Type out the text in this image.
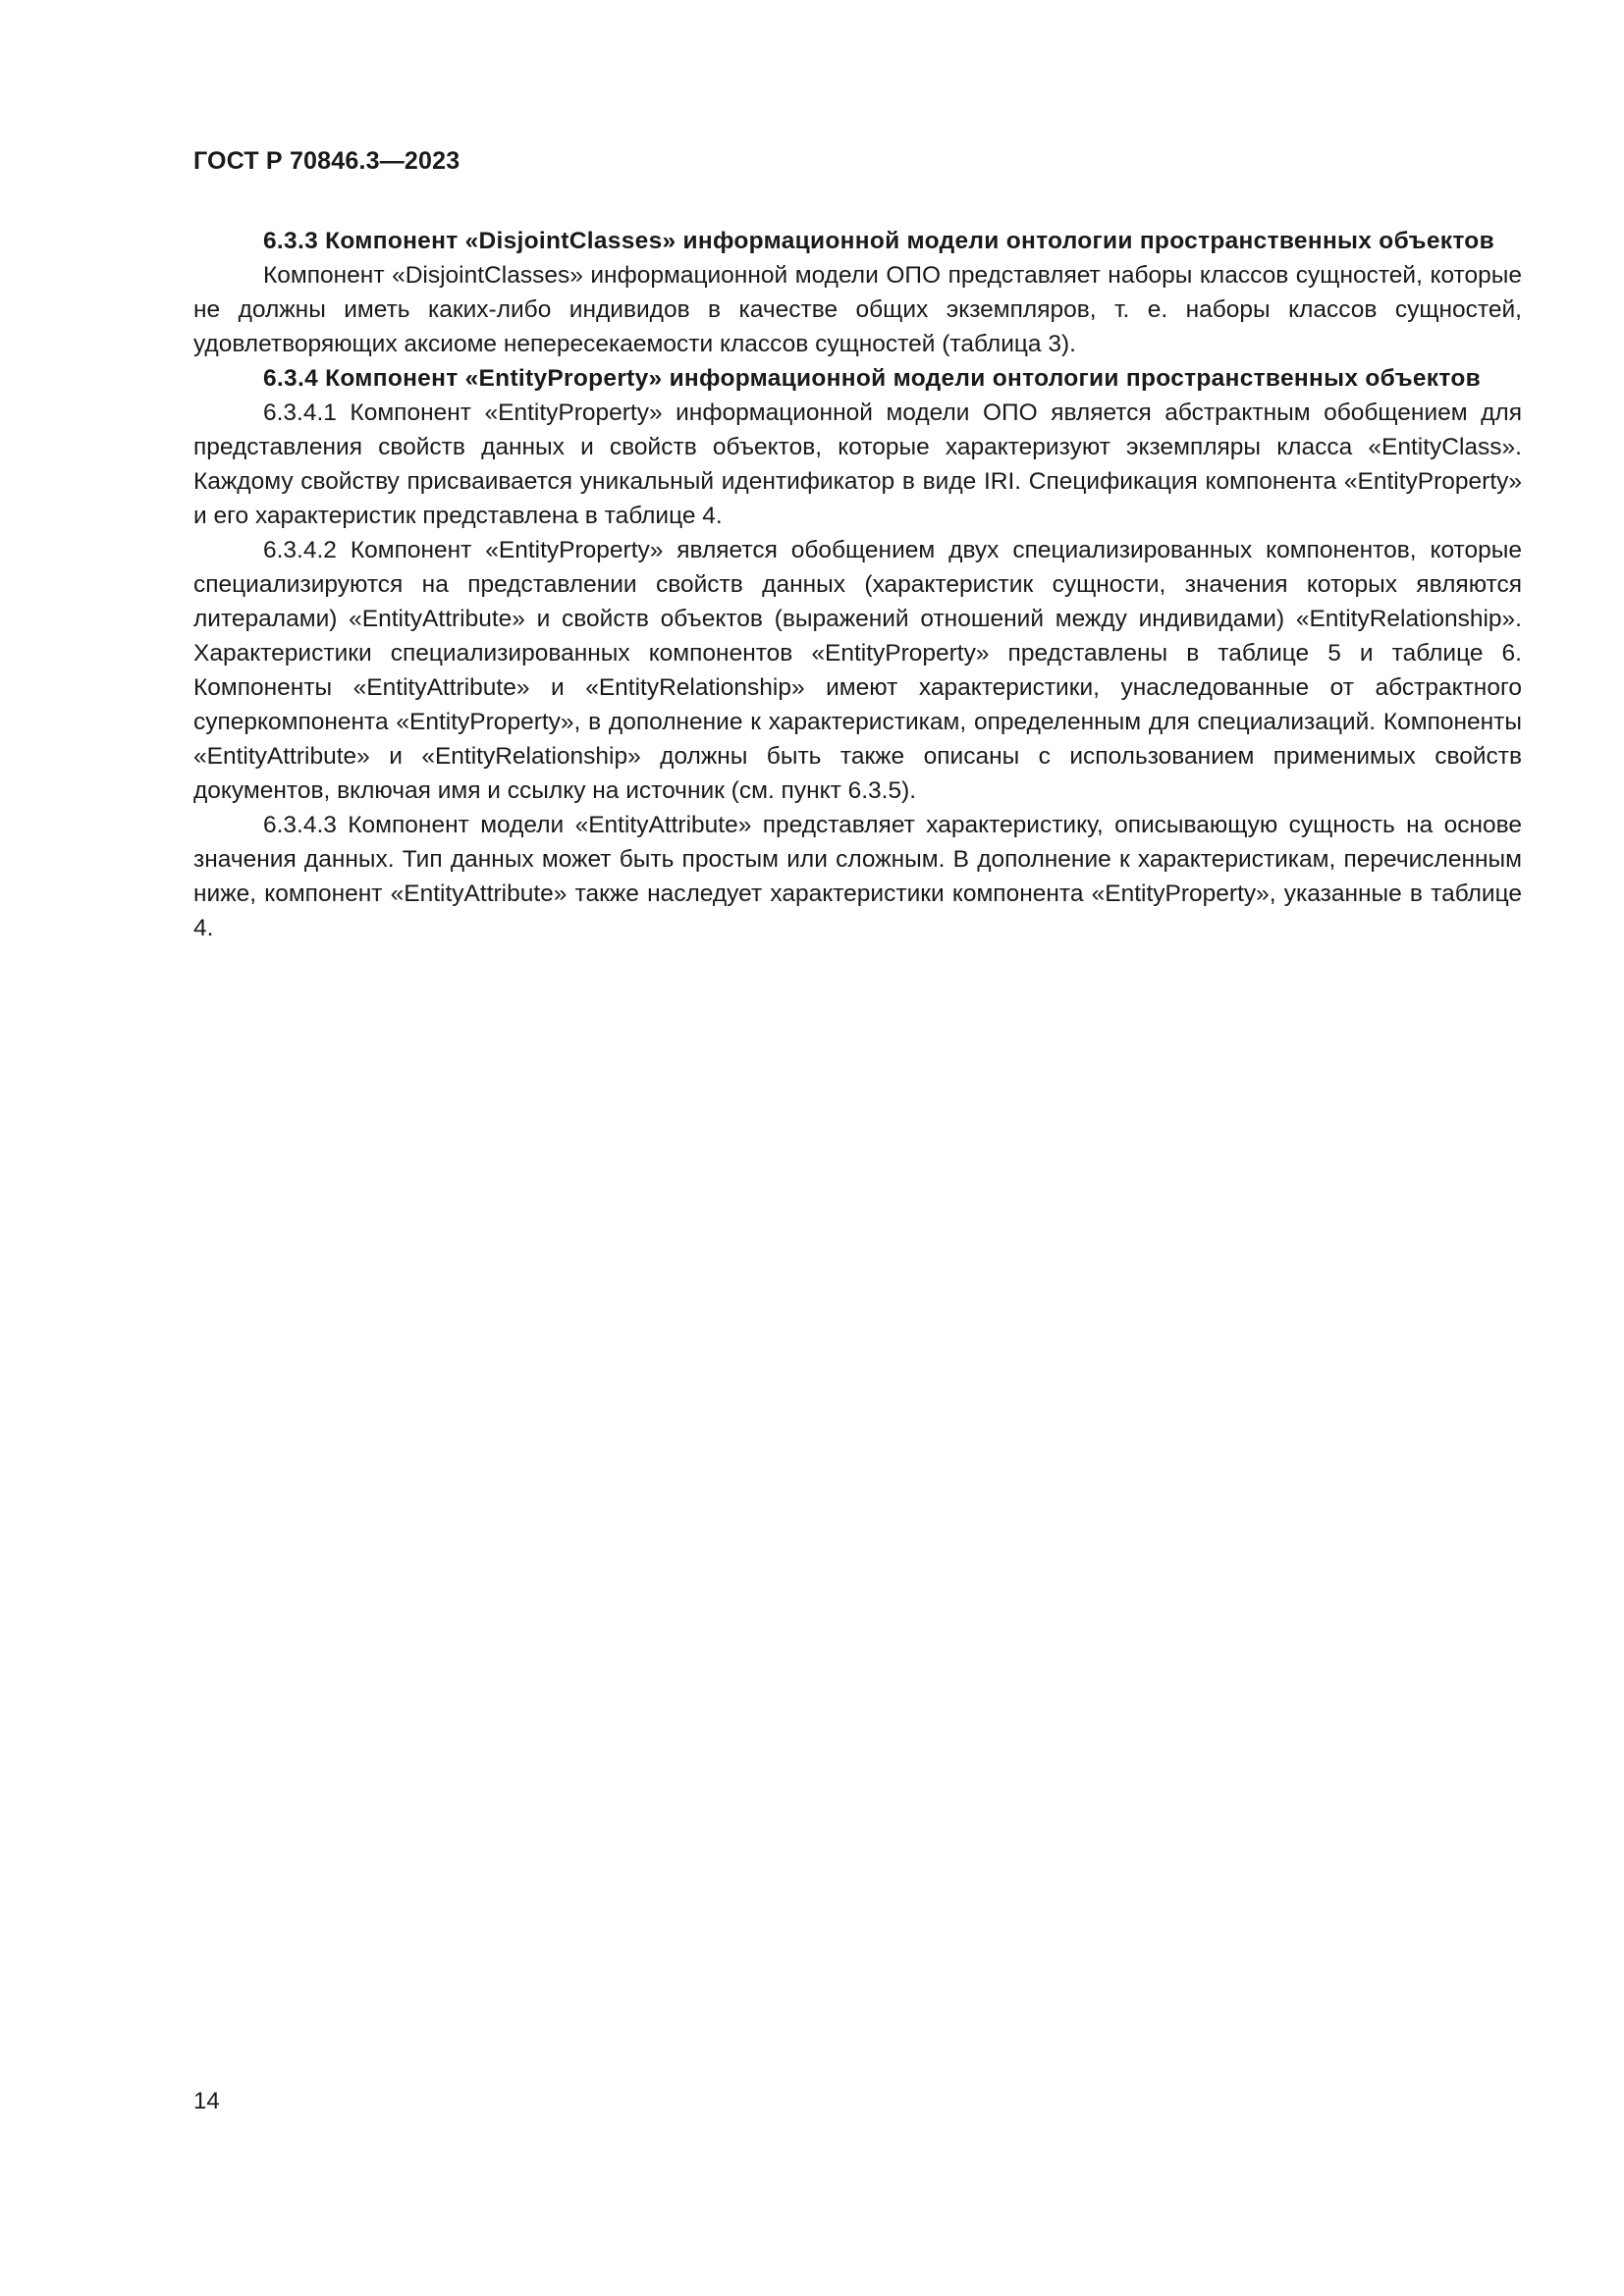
ГОСТ Р 70846.3—2023
6.3.3 Компонент «DisjointClasses» информационной модели онтологии пространственных объектов

Компонент «DisjointClasses» информационной модели ОПО представляет наборы классов сущностей, которые не должны иметь каких-либо индивидов в качестве общих экземпляров, т. е. наборы классов сущностей, удовлетворяющих аксиоме непересекаемости классов сущностей (таблица 3).

6.3.4 Компонент «EntityProperty» информационной модели онтологии пространственных объектов

6.3.4.1 Компонент «EntityProperty» информационной модели ОПО является абстрактным обобщением для представления свойств данных и свойств объектов, которые характеризуют экземпляры класса «EntityClass». Каждому свойству присваивается уникальный идентификатор в виде IRI. Спецификация компонента «EntityProperty» и его характеристик представлена в таблице 4.

6.3.4.2 Компонент «EntityProperty» является обобщением двух специализированных компонентов, которые специализируются на представлении свойств данных (характеристик сущности, значения которых являются литералами) «EntityAttribute» и свойств объектов (выражений отношений между индивидами) «EntityRelationship». Характеристики специализированных компонентов «EntityProperty» представлены в таблице 5 и таблице 6. Компоненты «EntityAttribute» и «EntityRelationship» имеют характеристики, унаследованные от абстрактного суперкомпонента «EntityProperty», в дополнение к характеристикам, определенным для специализаций. Компоненты «EntityAttribute» и «EntityRelationship» должны быть также описаны с использованием применимых свойств документов, включая имя и ссылку на источник (см. пункт 6.3.5).

6.3.4.3 Компонент модели «EntityAttribute» представляет характеристику, описывающую сущность на основе значения данных. Тип данных может быть простым или сложным. В дополнение к характеристикам, перечисленным ниже, компонент «EntityAttribute» также наследует характеристики компонента «EntityProperty», указанные в таблице 4.

14
